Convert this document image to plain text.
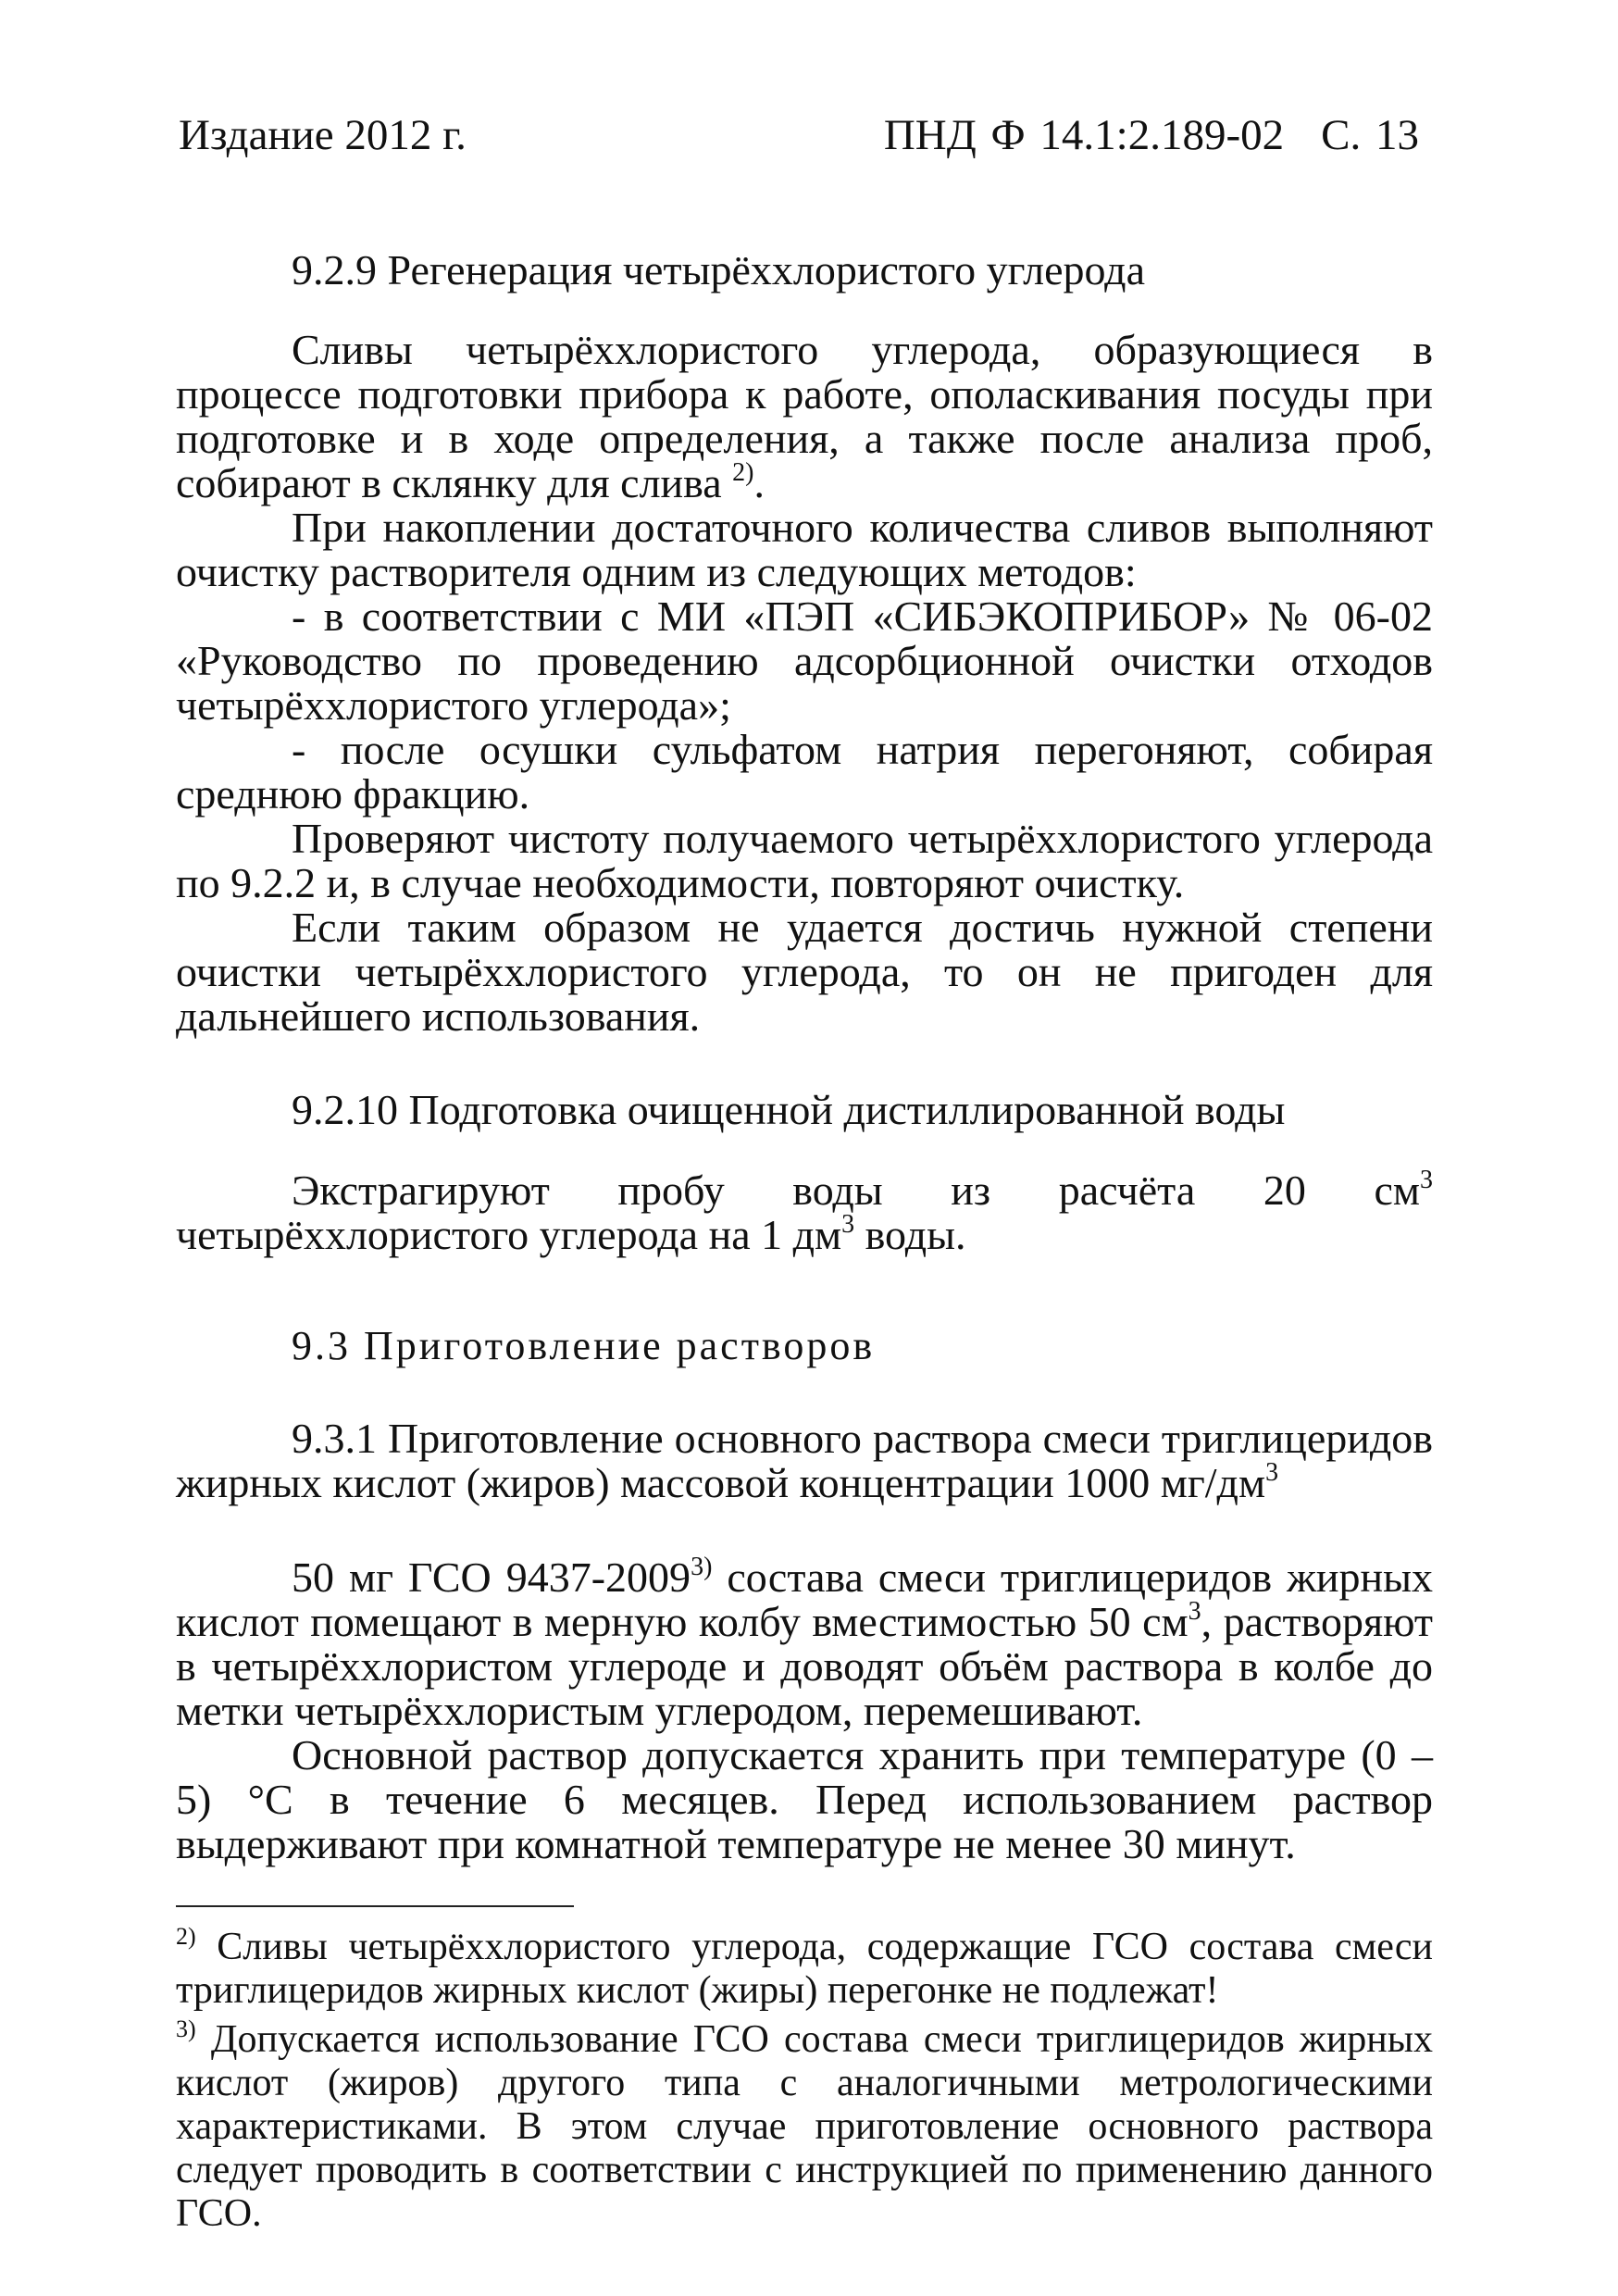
Издание 2012 г.	ПНД Ф 14.1:2.189-02 С. 13

9.2.9 Регенерация четырёххлористого углерода

Сливы четырёххлористого углерода, образующиеся в процессе подготовки прибора к работе, ополаскивания посуды при подготовке и в ходе определения, а также после анализа проб, собирают в склянку для слива $^{2)}$.

При накоплении достаточного количества сливов выполняют очистку растворителя одним из следующих методов:

- в соответствии с МИ «ПЭП «СИБЭКОПРИБОР» № 06-02 «Руководство по проведению адсорбционной очистки отходов четырёххлористого углерода»;

- после осушки сульфатом натрия перегоняют, собирая среднюю фракцию.

Проверяют чистоту получаемого четырёххлористого углерода по 9.2.2 и, в случае необходимости, повторяют очистку.

Если таким образом не удается достичь нужной степени очистки четырёххлористого углерода, то он не пригоден для дальнейшего использования.

9.2.10 Подготовка очищенной дистиллированной воды

Экстрагируют пробу воды из расчёта 20 $см^3$ четырёххлористого углерода на 1 $дм^3$ воды.

9.3 Приготовление растворов

9.3.1 Приготовление основного раствора смеси триглицеридов жирных кислот (жиров) массовой концентрации 1000 $мг/дм^3$

50 мг ГСО 9437-2009$^{3)}$ состава смеси триглицеридов жирных кислот помещают в мерную колбу вместимостью 50 $см^3$, растворяют в четырёххлористом углероде и доводят объём раствора в колбе до метки четырёххлористым углеродом, перемешивают.

Основной раствор допускается хранить при температуре (0 – 5) °С в течение 6 месяцев. Перед использованием раствор выдерживают при комнатной температуре не менее 30 минут.

$^{2)}$ Сливы четырёххлористого углерода, содержащие ГСО состава смеси триглицеридов жирных кислот (жиры) перегонке не подлежат!

$^{3)}$ Допускается использование ГСО состава смеси триглицеридов жирных кислот (жиров) другого типа с аналогичными метрологическими характеристиками. В этом случае приготовление основного раствора следует проводить в соответствии с инструкцией по применению данного ГСО.
